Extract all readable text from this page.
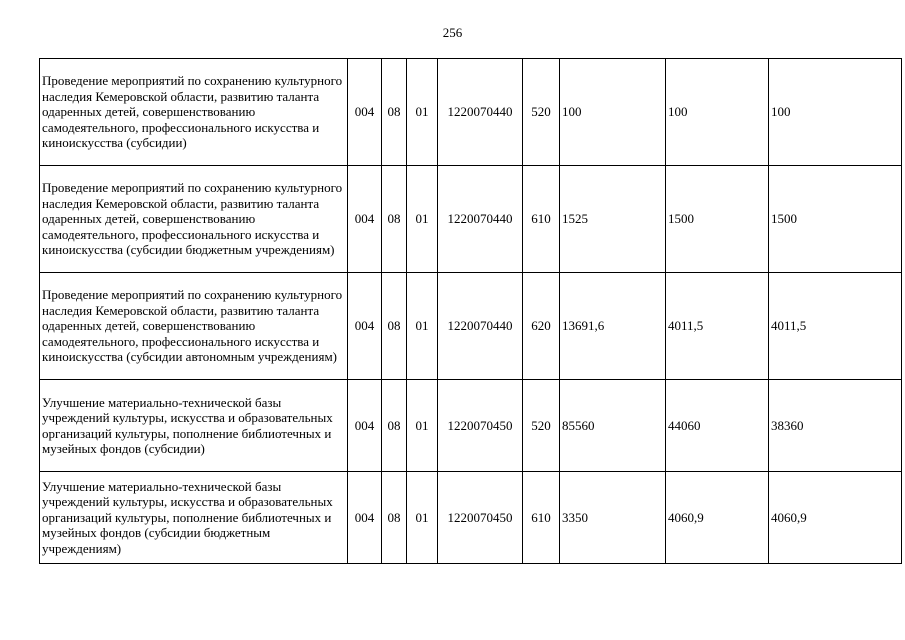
256
Проведение мероприятий по сохранению культурного наследия Кемеровской области, развитию таланта одаренных детей, совершенствованию самодеятельного, профессионального искусства и киноискусства (субсидии)	004	08	01	1220070440	520	100	100	100
Проведение мероприятий по сохранению культурного наследия Кемеровской области, развитию таланта одаренных детей, совершенствованию самодеятельного, профессионального искусства и киноискусства (субсидии бюджетным учреждениям)	004	08	01	1220070440	610	1525	1500	1500
Проведение мероприятий по сохранению культурного наследия Кемеровской области, развитию таланта одаренных детей, совершенствованию самодеятельного, профессионального искусства и киноискусства (субсидии автономным учреждениям)	004	08	01	1220070440	620	13691,6	4011,5	4011,5
Улучшение материально-технической базы учреждений культуры, искусства и образовательных организаций культуры, пополнение библиотечных и музейных фондов (субсидии)	004	08	01	1220070450	520	85560	44060	38360
Улучшение материально-технической базы учреждений культуры, искусства и образовательных организаций культуры, пополнение библиотечных и музейных фондов (субсидии бюджетным учреждениям)	004	08	01	1220070450	610	3350	4060,9	4060,9
